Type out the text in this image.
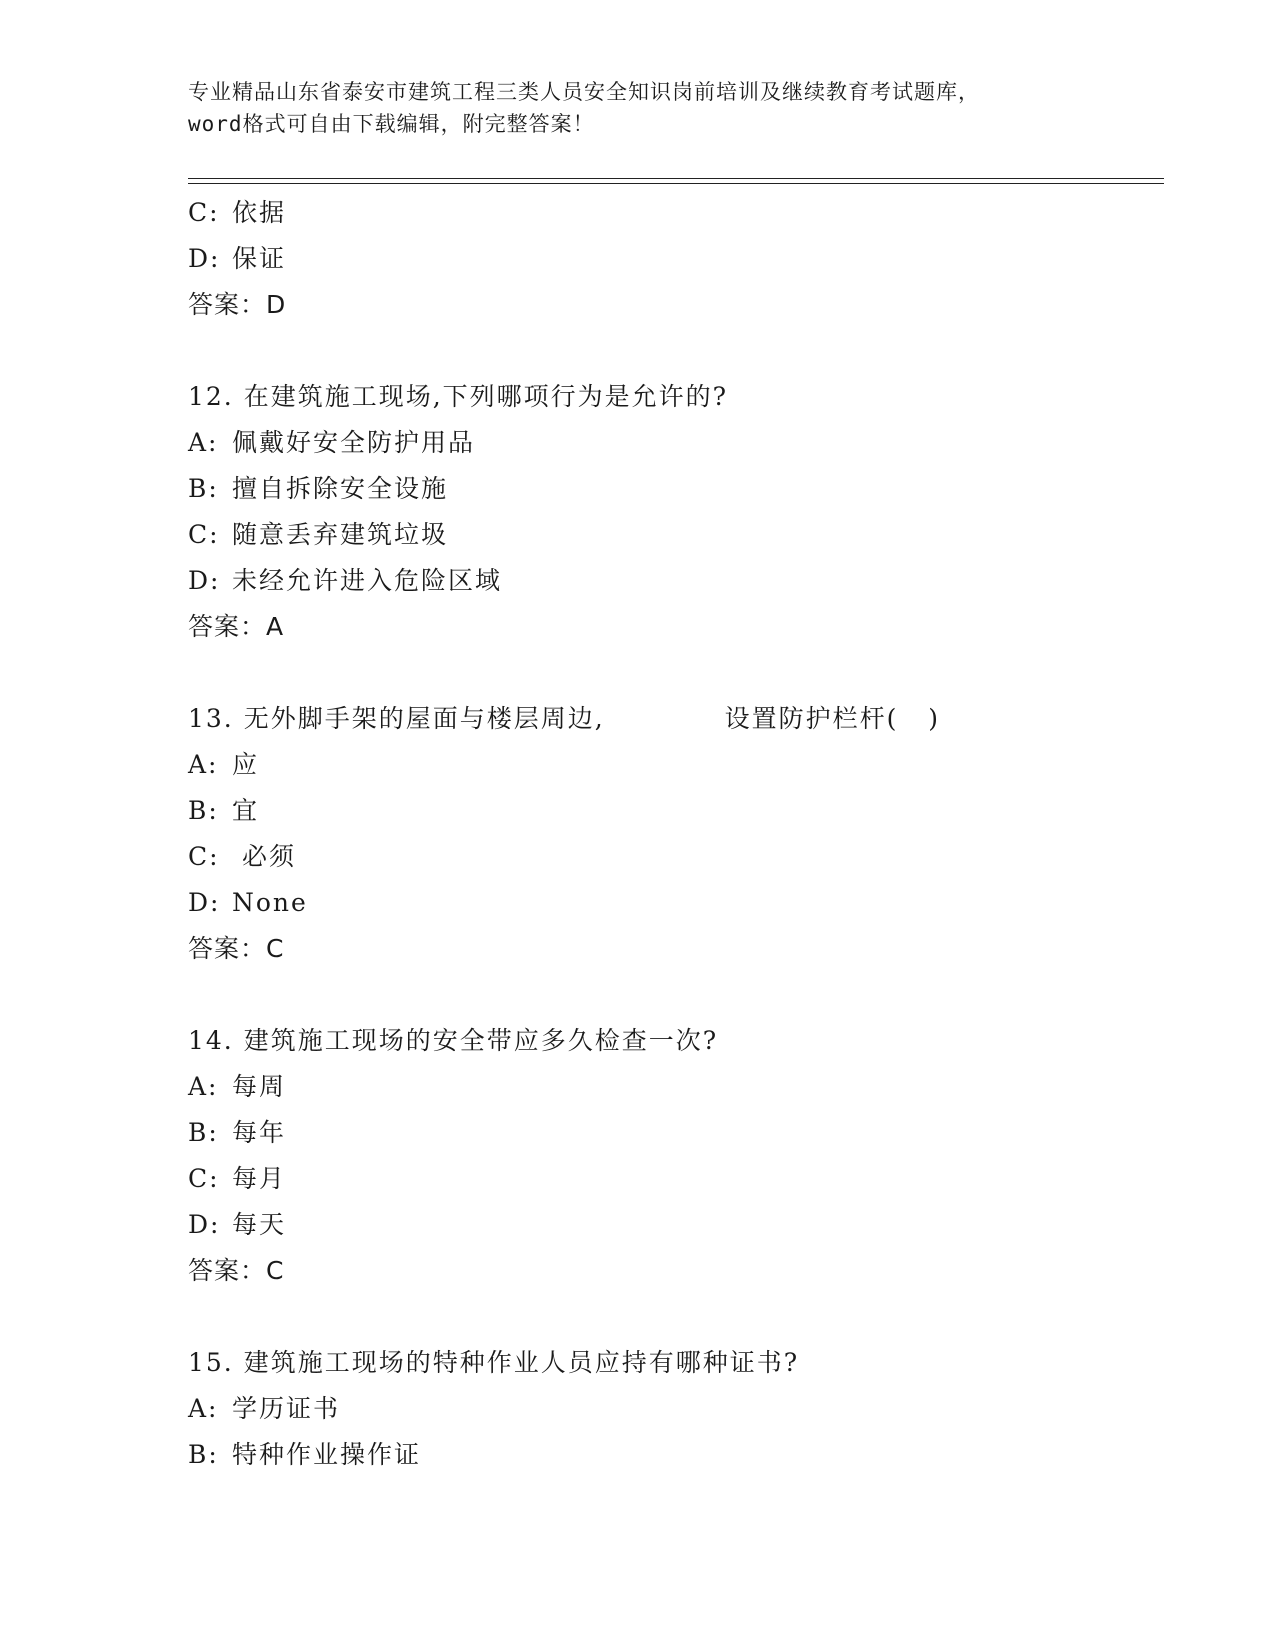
专业精品山东省泰安市建筑工程三类人员安全知识岗前培训及继续教育考试题库，
word格式可自由下载编辑，附完整答案！
C: 依据
D: 保证
答案：D
12. 在建筑施工现场,下列哪项行为是允许的?
A: 佩戴好安全防护用品
B: 擅自拆除安全设施
C: 随意丢弃建筑垃圾
D: 未经允许进入危险区域
答案：A
13. 无外脚手架的屋面与楼层周边,	设置防护栏杆(   )
A: 应
B: 宜
C: 必须
D: None
答案：C
14. 建筑施工现场的安全带应多久检查一次?
A: 每周
B: 每年
C: 每月
D: 每天
答案：C
15. 建筑施工现场的特种作业人员应持有哪种证书?
A: 学历证书
B: 特种作业操作证
